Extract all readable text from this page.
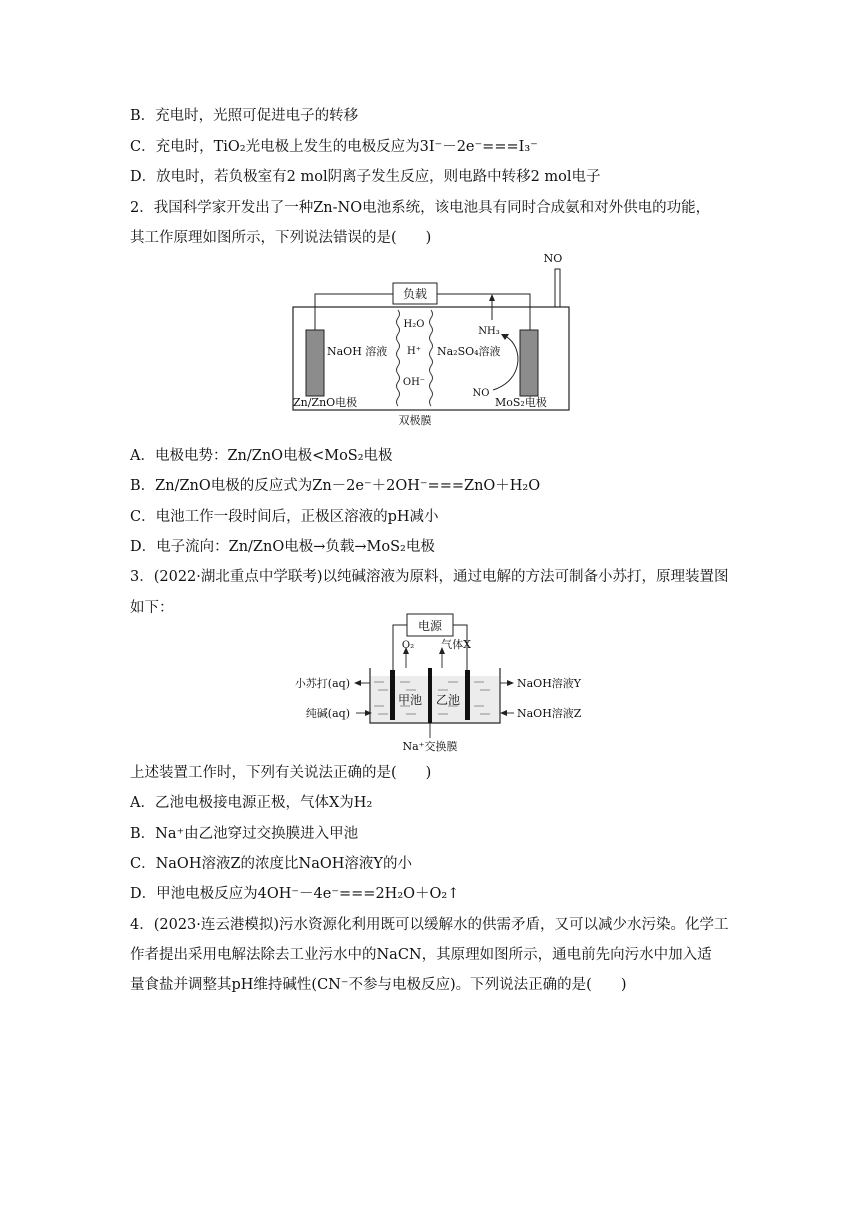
B．充电时，光照可促进电子的转移
C．充电时，TiO₂光电极上发生的电极反应为3I⁻－2e⁻===I₃⁻
D．放电时，若负极室有2 mol阴离子发生反应，则电路中转移2 mol电子
2．我国科学家开发出了一种Zn-NO电池系统，该电池具有同时合成氨和对外供电的功能，
其工作原理如图所示，下列说法错误的是(　　)
NO
负载
H₂O
H⁺
OH⁻
NaOH 溶液	Na₂SO₄溶液
NH₃
NO
Zn/ZnO电极	MoS₂电极
双极膜
A．电极电势：Zn/ZnO电极<MoS₂电极
B．Zn/ZnO电极的反应式为Zn－2e⁻＋2OH⁻===ZnO＋H₂O
C．电池工作一段时间后，正极区溶液的pH减小
D．电子流向：Zn/ZnO电极→负载→MoS₂电极
3．(2022·湖北重点中学联考)以纯碱溶液为原料，通过电解的方法可制备小苏打，原理装置图
如下：
电源
O₂ 气体X
Na⁺交换膜
甲池 乙池
小苏打(aq)
纯碱(aq)
NaOH溶液Y
NaOH溶液Z
上述装置工作时，下列有关说法正确的是(　　)
A．乙池电极接电源正极，气体X为H₂
B．Na⁺由乙池穿过交换膜进入甲池
C．NaOH溶液Z的浓度比NaOH溶液Y的小
D．甲池电极反应为4OH⁻－4e⁻===2H₂O＋O₂↑
4．(2023·连云港模拟)污水资源化利用既可以缓解水的供需矛盾，又可以减少水污染。化学工
作者提出采用电解法除去工业污水中的NaCN，其原理如图所示，通电前先向污水中加入适
量食盐并调整其pH维持碱性(CN⁻不参与电极反应)。下列说法正确的是(　　)
